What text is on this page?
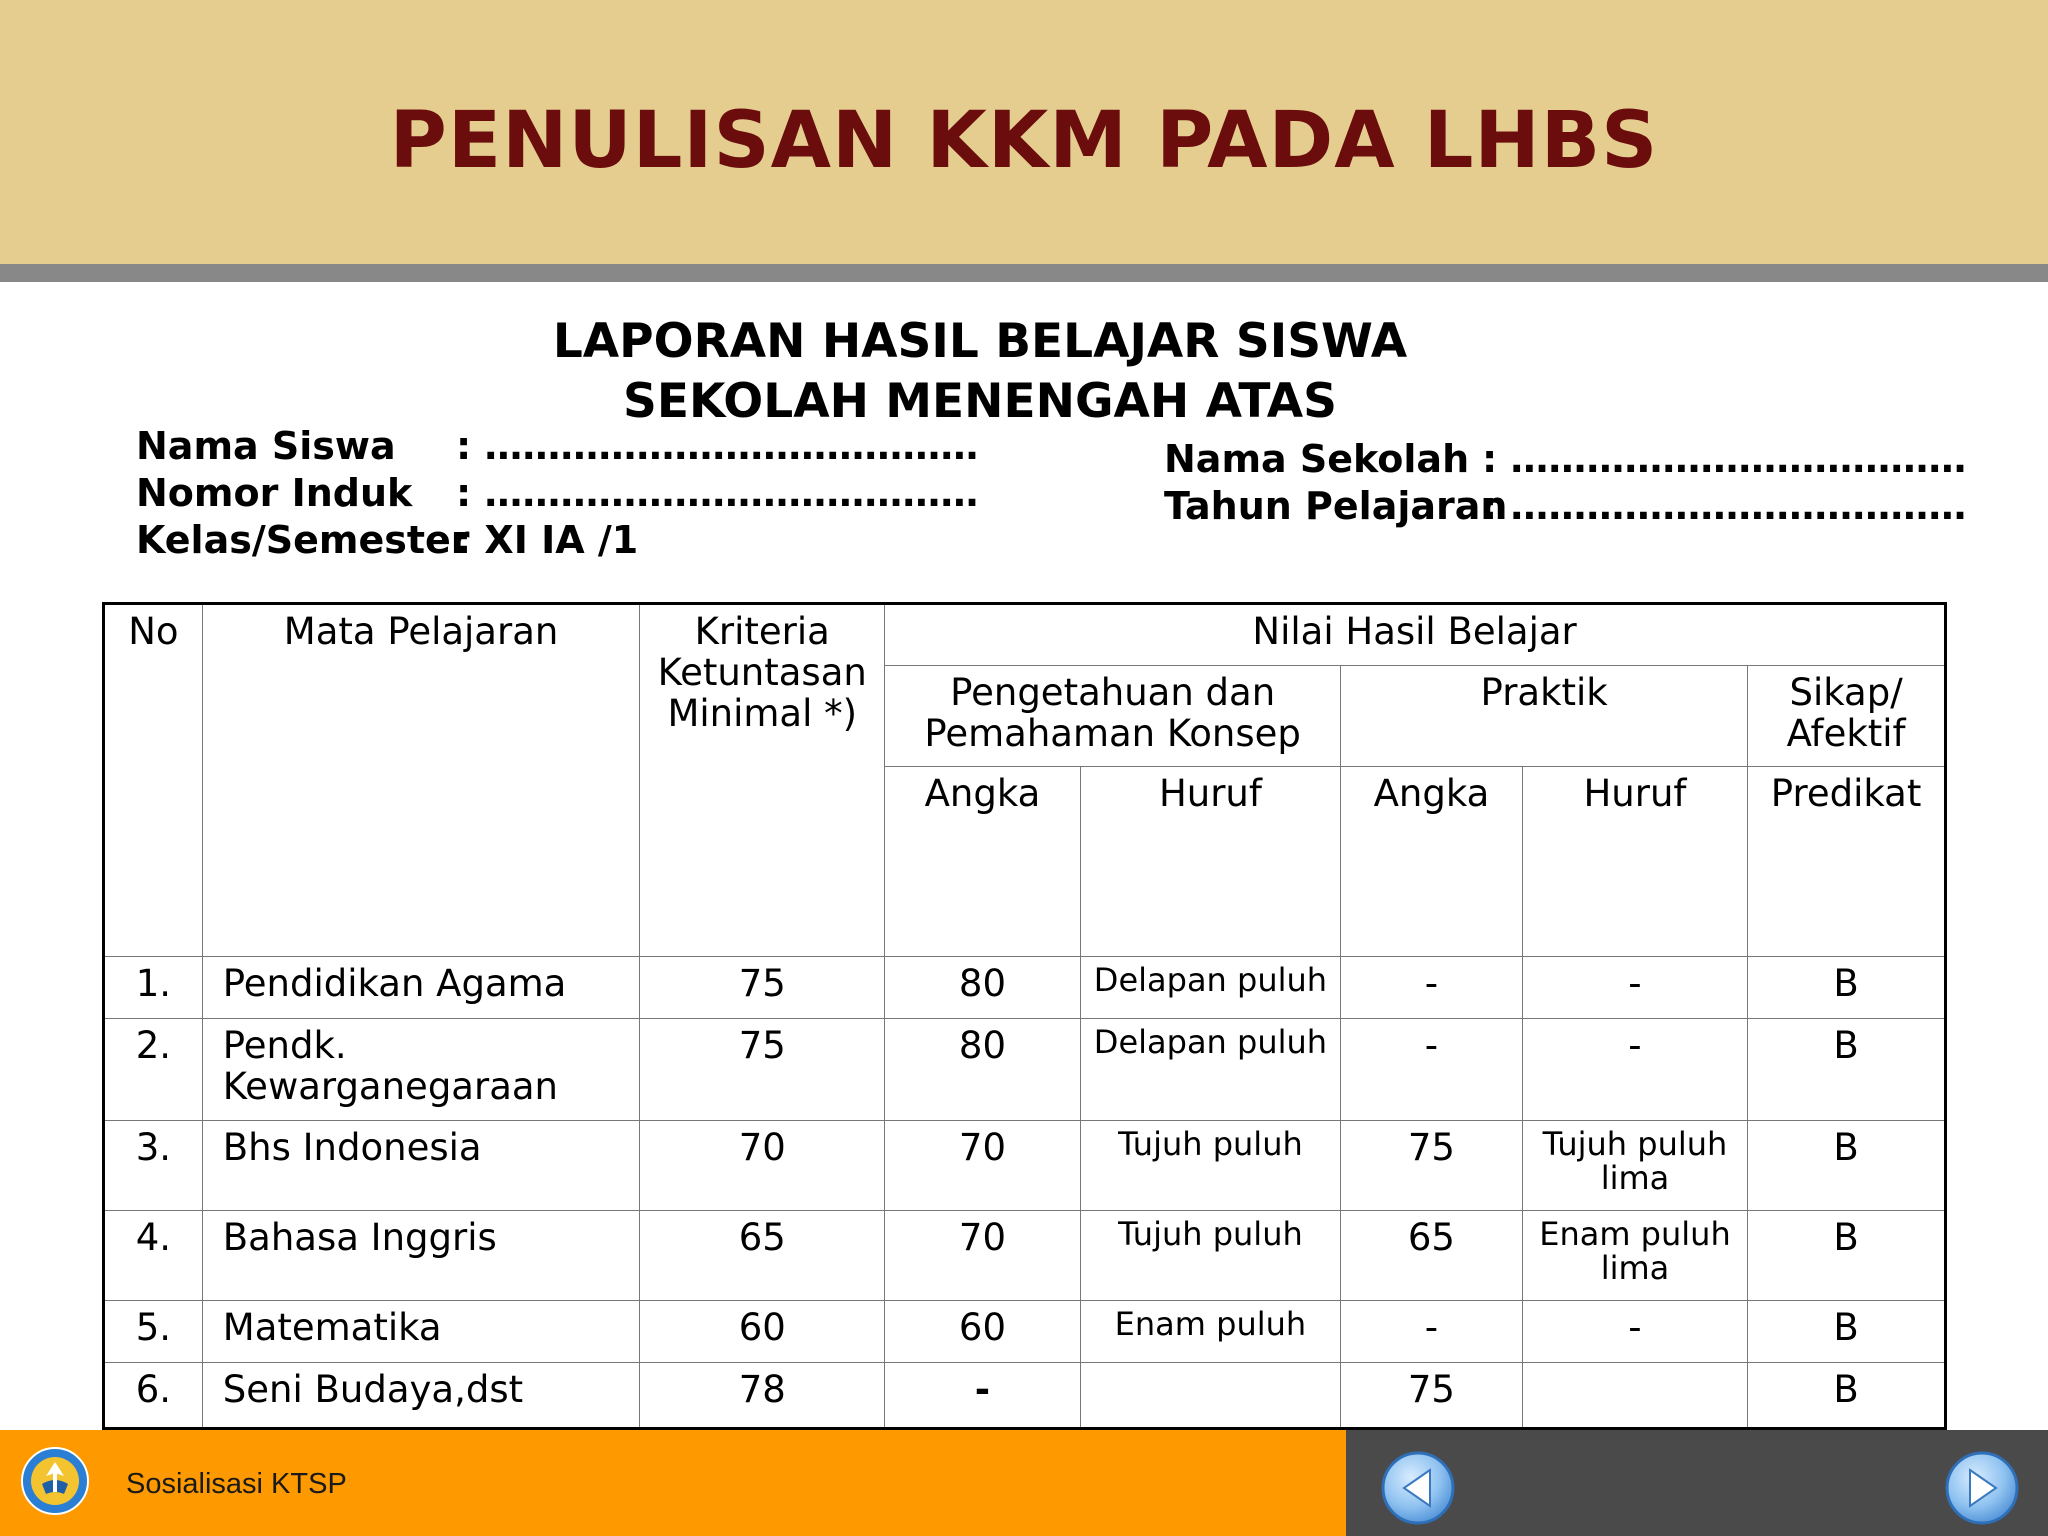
PENULISAN KKM PADA LHBS
LAPORAN HASIL BELAJAR SISWA
SEKOLAH MENENGAH ATAS
Nama Siswa : …………………………………
Nomor Induk : …………………………………
Kelas/Semester
: XI IA /1
Nama Sekolah : ………………………………
Tahun Pelajaran
: ………………………………
No	Mata Pelajaran	Kriteria Ketuntasan Minimal *)	Nilai Hasil Belajar				
			Pengetahuan dan Pemahaman Konsep		Praktik		Sikap/ Afektif
			Angka	Huruf	Angka	Huruf	Predikat
1.	Pendidikan Agama	75	80	Delapan puluh	-	-	B
2.	Pendk. Kewarganegaraan	75	80	Delapan puluh	-	-	B
3.	Bhs Indonesia	70	70	Tujuh puluh	75	Tujuh puluh lima	B
4.	Bahasa Inggris	65	70	Tujuh puluh	65	Enam puluh lima	B
5.	Matematika	60	60	Enam puluh	-	-	B
6.	Seni Budaya,dst	78	-		75		B
Sosialisasi KTSP
